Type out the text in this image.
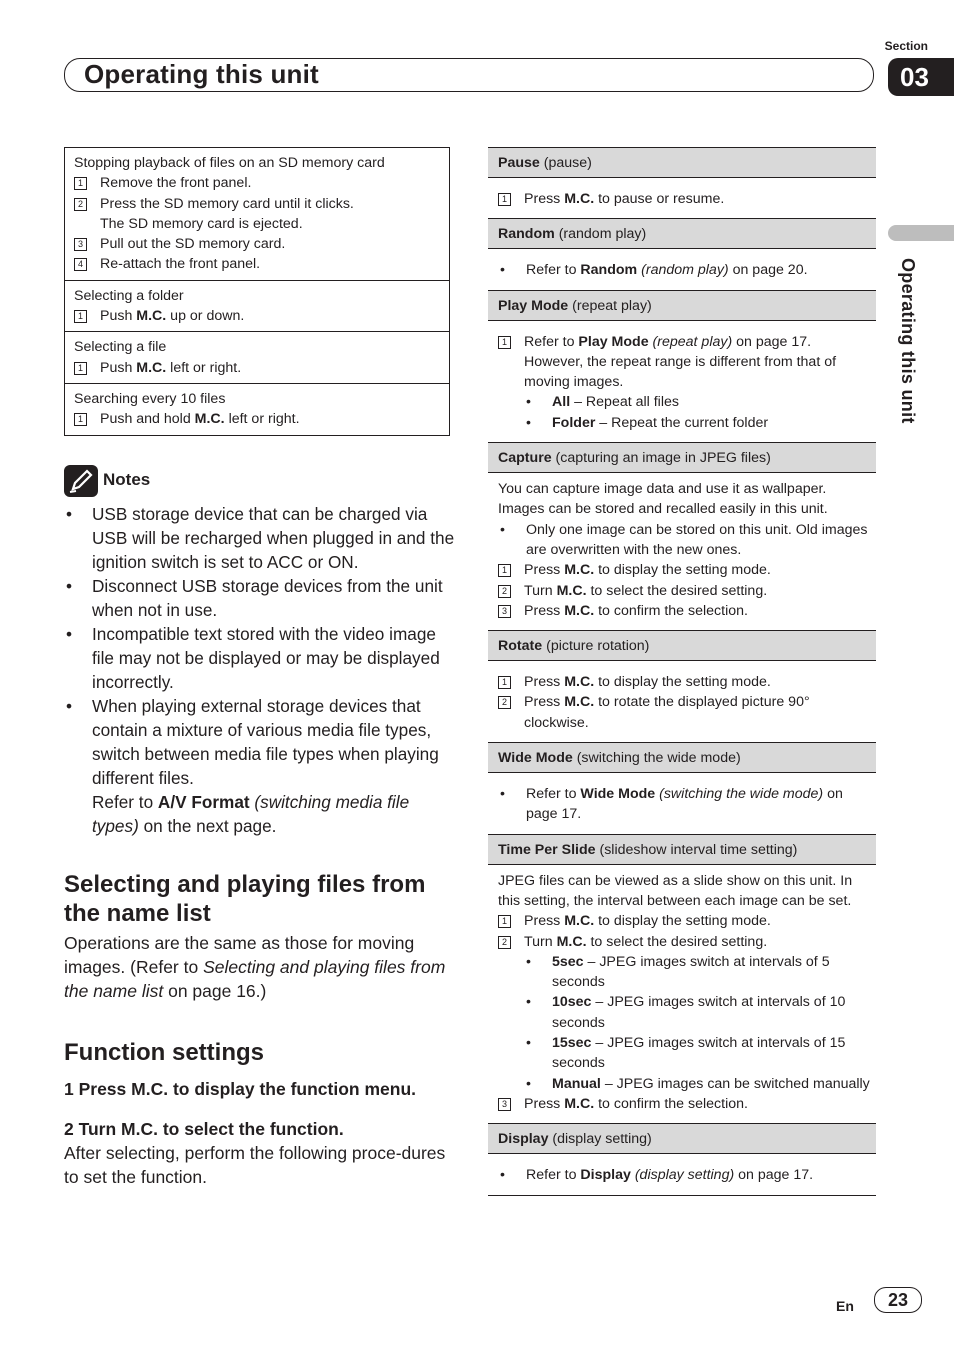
Section
Operating this unit	03
Operating this unit
Stopping playback of files on an SD memory card
1 Remove the front panel.
2 Press the SD memory card until it clicks.
The SD memory card is ejected.
3 Pull out the SD memory card.
4 Re-attach the front panel.
Selecting a folder
1 Push M.C. up or down.
Selecting a file
1 Push M.C. left or right.
Searching every 10 files
1 Push and hold M.C. left or right.
Notes
•	USB storage device that can be charged via USB will be recharged when plugged in and the ignition switch is set to ACC or ON.
•	Disconnect USB storage devices from the unit when not in use.
•	Incompatible text stored with the video image file may not be displayed or may be displayed incorrectly.
•	When playing external storage devices that contain a mixture of various media file types, switch between media file types when playing different files.
Refer to A/V Format (switching media file types) on the next page.
Selecting and playing files from the name list
Operations are the same as those for moving images. (Refer to Selecting and playing files from the name list on page 16.)
Function settings
1 Press M.C. to display the function menu.
2 Turn M.C. to select the function.
After selecting, perform the following proce-dures to set the function.
Pause (pause)
1 Press M.C. to pause or resume.
Random (random play)
•	Refer to Random (random play) on page 20.
Play Mode (repeat play)
1 Refer to Play Mode (repeat play) on page 17.
However, the repeat range is different from that of moving images.
•	All – Repeat all files
•	Folder – Repeat the current folder
Capture (capturing an image in JPEG files)
You can capture image data and use it as wallpaper. Images can be stored and recalled easily in this unit.
•	Only one image can be stored on this unit. Old images are overwritten with the new ones.
1 Press M.C. to display the setting mode.
2 Turn M.C. to select the desired setting.
3 Press M.C. to confirm the selection.
Rotate (picture rotation)
1 Press M.C. to display the setting mode.
2 Press M.C. to rotate the displayed picture 90° clockwise.
Wide Mode (switching the wide mode)
•	Refer to Wide Mode (switching the wide mode) on page 17.
Time Per Slide (slideshow interval time setting)
JPEG files can be viewed as a slide show on this unit. In this setting, the interval between each image can be set.
1 Press M.C. to display the setting mode.
2 Turn M.C. to select the desired setting.
•	5sec – JPEG images switch at intervals of 5 seconds
•	10sec – JPEG images switch at intervals of 10 seconds
•	15sec – JPEG images switch at intervals of 15 seconds
•	Manual – JPEG images can be switched manually
3 Press M.C. to confirm the selection.
Display (display setting)
•	Refer to Display (display setting) on page 17.
En	23
